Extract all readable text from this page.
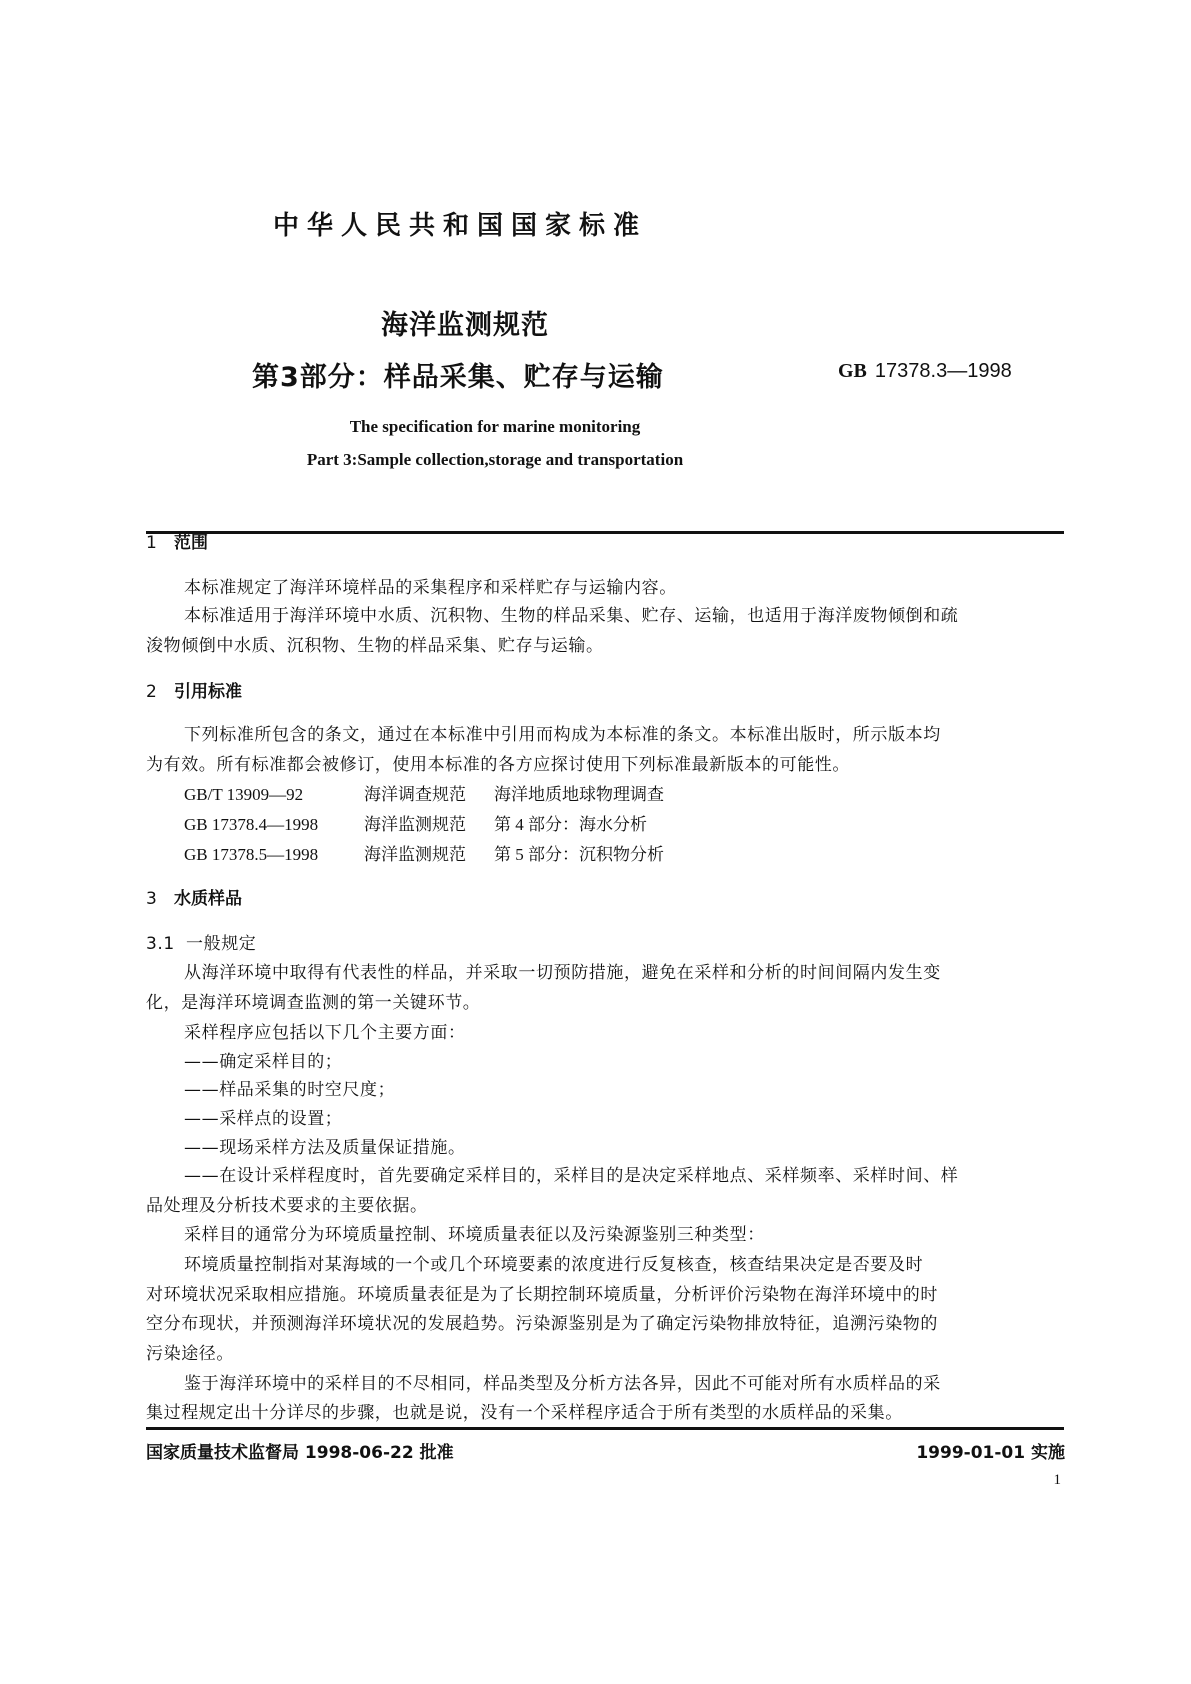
中华人民共和国国家标准
海洋监测规范
第3部分：样品采集、贮存与运输	GB 17378.3—1998
The specification for marine monitoring
Part 3:Sample collection,storage and transportation
1 范围
本标准规定了海洋环境样品的采集程序和采样贮存与运输内容。
本标准适用于海洋环境中水质、沉积物、生物的样品采集、贮存、运输，也适用于海洋废物倾倒和疏
浚物倾倒中水质、沉积物、生物的样品采集、贮存与运输。
2 引用标准
下列标准所包含的条文，通过在本标准中引用而构成为本标准的条文。本标准出版时，所示版本均
为有效。所有标准都会被修订，使用本标准的各方应探讨使用下列标准最新版本的可能性。
GB/T 13909—92	海洋调查规范 海洋地质地球物理调查
GB 17378.4—1998	海洋监测规范 第 4 部分：海水分析
GB 17378.5—1998	海洋监测规范 第 5 部分：沉积物分析
3 水质样品
3.1 一般规定
从海洋环境中取得有代表性的样品，并采取一切预防措施，避免在采样和分析的时间间隔内发生变
化，是海洋环境调查监测的第一关键环节。
采样程序应包括以下几个主要方面：
——确定采样目的；
——样品采集的时空尺度；
——采样点的设置；
——现场采样方法及质量保证措施。
——在设计采样程度时，首先要确定采样目的，采样目的是决定采样地点、采样频率、采样时间、样
品处理及分析技术要求的主要依据。
采样目的通常分为环境质量控制、环境质量表征以及污染源鉴别三种类型：
环境质量控制指对某海域的一个或几个环境要素的浓度进行反复核查，核查结果决定是否要及时
对环境状况采取相应措施。环境质量表征是为了长期控制环境质量，分析评价污染物在海洋环境中的时
空分布现状，并预测海洋环境状况的发展趋势。污染源鉴别是为了确定污染物排放特征，追溯污染物的
污染途径。
鉴于海洋环境中的采样目的不尽相同，样品类型及分析方法各异，因此不可能对所有水质样品的采
集过程规定出十分详尽的步骤，也就是说，没有一个采样程序适合于所有类型的水质样品的采集。
国家质量技术监督局 1998-06-22 批准	1999-01-01 实施
1
